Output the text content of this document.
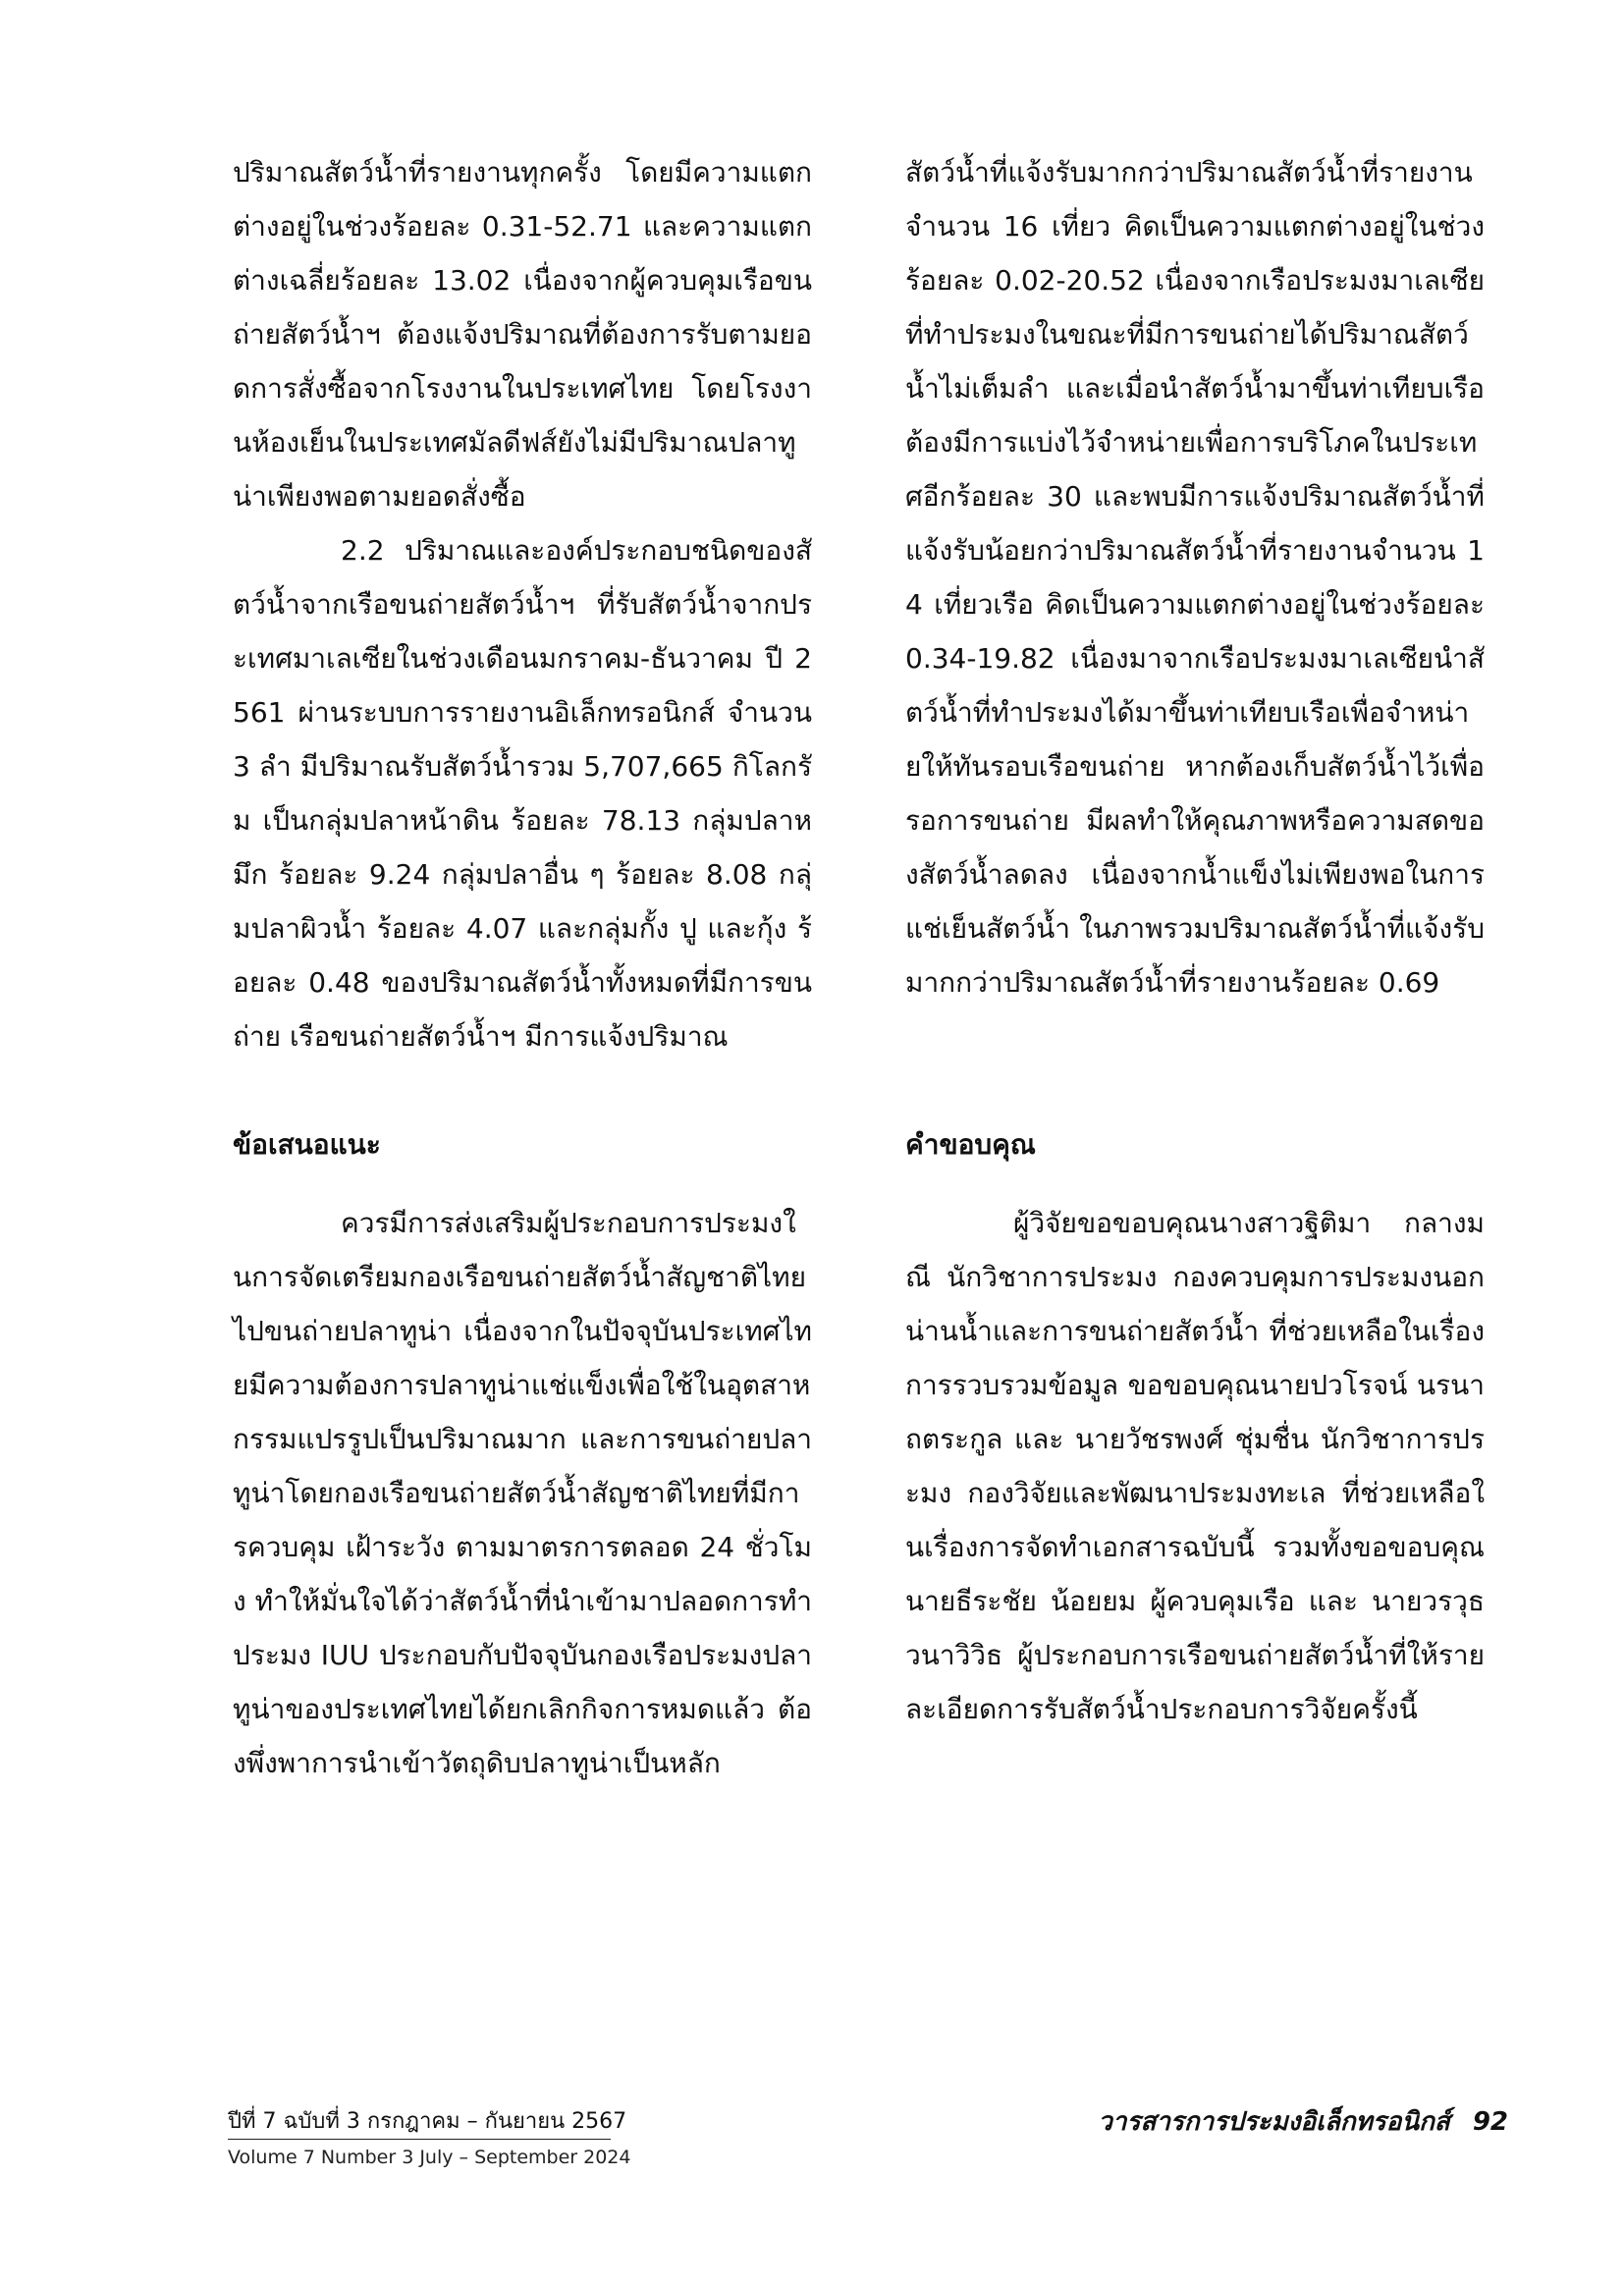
ปริมาณสัตว์น้ำที่รายงานทุกครั้ง โดยมีความแตกต่างอยู่ในช่วงร้อยละ 0.31-52.71 และความแตกต่างเฉลี่ยร้อยละ 13.02 เนื่องจากผู้ควบคุมเรือขนถ่ายสัตว์น้ำฯ ต้องแจ้งปริมาณที่ต้องการรับตามยอดการสั่งซื้อจากโรงงานในประเทศไทย โดยโรงงานห้องเย็นในประเทศมัลดีฟส์ยังไม่มีปริมาณปลาทูน่าเพียงพอตามยอดสั่งซื้อ

2.2 ปริมาณและองค์ประกอบชนิดของสัตว์น้ำจากเรือขนถ่ายสัตว์น้ำฯ ที่รับสัตว์น้ำจากประเทศมาเลเซียในช่วงเดือนมกราคม-ธันวาคม ปี 2561 ผ่านระบบการรายงานอิเล็กทรอนิกส์ จำนวน 3 ลำ มีปริมาณรับสัตว์น้ำรวม 5,707,665 กิโลกรัม เป็นกลุ่มปลาหน้าดิน ร้อยละ 78.13 กลุ่มปลาหมึก ร้อยละ 9.24 กลุ่มปลาอื่น ๆ ร้อยละ 8.08 กลุ่มปลาผิวน้ำ ร้อยละ 4.07 และกลุ่มกั้ง ปู และกุ้ง ร้อยละ 0.48 ของปริมาณสัตว์น้ำทั้งหมดที่มีการขนถ่าย เรือขนถ่ายสัตว์น้ำฯ มีการแจ้งปริมาณ

ข้อเสนอแนะ

ควรมีการส่งเสริมผู้ประกอบการประมงในการจัดเตรียมกองเรือขนถ่ายสัตว์น้ำสัญชาติไทยไปขนถ่ายปลาทูน่า เนื่องจากในปัจจุบันประเทศไทยมีความต้องการปลาทูน่าแช่แข็งเพื่อใช้ในอุตสาหกรรมแปรรูปเป็นปริมาณมาก และการขนถ่ายปลาทูน่าโดยกองเรือขนถ่ายสัตว์น้ำสัญชาติไทยที่มีการควบคุม เฝ้าระวัง ตามมาตรการตลอด 24 ชั่วโมง ทำให้มั่นใจได้ว่าสัตว์น้ำที่นำเข้ามาปลอดการทำประมง IUU ประกอบกับปัจจุบันกองเรือประมงปลาทูน่าของประเทศไทยได้ยกเลิกกิจการหมดแล้ว ต้องพึ่งพาการนำเข้าวัตถุดิบปลาทูน่าเป็นหลัก

สัตว์น้ำที่แจ้งรับมากกว่าปริมาณสัตว์น้ำที่รายงาน จำนวน 16 เที่ยว คิดเป็นความแตกต่างอยู่ในช่วงร้อยละ 0.02-20.52 เนื่องจากเรือประมงมาเลเซียที่ทำประมงในขณะที่มีการขนถ่ายได้ปริมาณสัตว์น้ำไม่เต็มลำ และเมื่อนำสัตว์น้ำมาขึ้นท่าเทียบเรือต้องมีการแบ่งไว้จำหน่ายเพื่อการบริโภคในประเทศอีกร้อยละ 30 และพบมีการแจ้งปริมาณสัตว์น้ำที่แจ้งรับน้อยกว่าปริมาณสัตว์น้ำที่รายงานจำนวน 14 เที่ยวเรือ คิดเป็นความแตกต่างอยู่ในช่วงร้อยละ 0.34-19.82 เนื่องมาจากเรือประมงมาเลเซียนำสัตว์น้ำที่ทำประมงได้มาขึ้นท่าเทียบเรือเพื่อจำหน่ายให้ทันรอบเรือขนถ่าย หากต้องเก็บสัตว์น้ำไว้เพื่อรอการขนถ่าย มีผลทำให้คุณภาพหรือความสดของสัตว์น้ำลดลง เนื่องจากน้ำแข็งไม่เพียงพอในการแช่เย็นสัตว์น้ำ ในภาพรวมปริมาณสัตว์น้ำที่แจ้งรับมากกว่าปริมาณสัตว์น้ำที่รายงานร้อยละ 0.69

คำขอบคุณ

ผู้วิจัยขอขอบคุณนางสาวฐิติมา กลางมณี นักวิชาการประมง กองควบคุมการประมงนอกน่านน้ำและการขนถ่ายสัตว์น้ำ ที่ช่วยเหลือในเรื่องการรวบรวมข้อมูล ขอขอบคุณนายปวโรจน์ นรนาถตระกูล และ นายวัชรพงศ์ ชุ่มชื่น นักวิชาการประมง กองวิจัยและพัฒนาประมงทะเล ที่ช่วยเหลือในเรื่องการจัดทำเอกสารฉบับนี้ รวมทั้งขอขอบคุณนายธีระชัย น้อยยม ผู้ควบคุมเรือ และ นายวรวุธ วนาวิวิธ ผู้ประกอบการเรือขนถ่ายสัตว์น้ำที่ให้รายละเอียดการรับสัตว์น้ำประกอบการวิจัยครั้งนี้

ปีที่ 7 ฉบับที่ 3 กรกฎาคม – กันยายน 2567
Volume 7 Number 3 July – September 2024
วารสารการประมงอิเล็กทรอนิกส์ 92
